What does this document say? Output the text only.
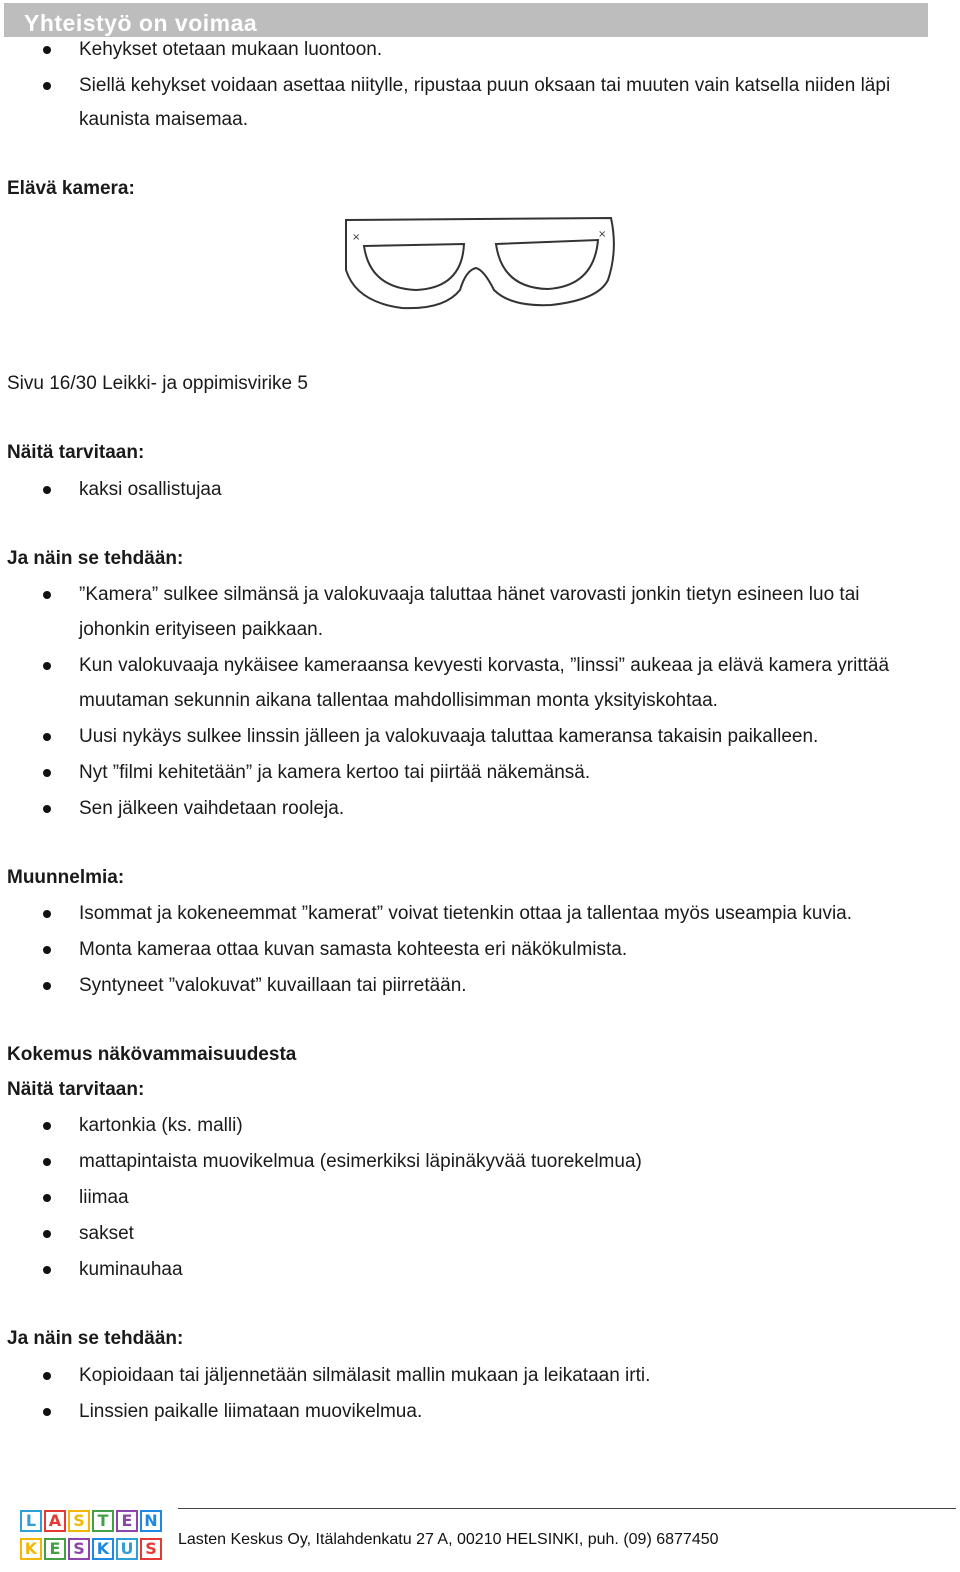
Yhteistyö on voimaa
Kehykset otetaan mukaan luontoon.
Siellä kehykset voidaan asettaa niitylle, ripustaa puun oksaan tai muuten vain katsella niiden läpi
kaunista maisemaa.
Elävä kamera:
×	×
Sivu 16/30 Leikki- ja oppimisvirike 5
Näitä tarvitaan:
kaksi osallistujaa
Ja näin se tehdään:
”Kamera” sulkee silmänsä ja valokuvaaja taluttaa hänet varovasti jonkin tietyn esineen luo tai
johonkin erityiseen paikkaan.
Kun valokuvaaja nykäisee kameraansa kevyesti korvasta, ”linssi” aukeaa ja elävä kamera yrittää
muutaman sekunnin aikana tallentaa mahdollisimman monta yksityiskohtaa.
Uusi nykäys sulkee linssin jälleen ja valokuvaaja taluttaa kameransa takaisin paikalleen.
Nyt ”filmi kehitetään” ja kamera kertoo tai piirtää näkemänsä.
Sen jälkeen vaihdetaan rooleja.
Muunnelmia:
Isommat ja kokeneemmat ”kamerat” voivat tietenkin ottaa ja tallentaa myös useampia kuvia.
Monta kameraa ottaa kuvan samasta kohteesta eri näkökulmista.
Syntyneet ”valokuvat” kuvaillaan tai piirretään.
Kokemus näkövammaisuudesta
Näitä tarvitaan:
kartonkia (ks. malli)
mattapintaista muovikelmua (esimerkiksi läpinäkyvää tuorekelmua)
liimaa
sakset
kuminauhaa
Ja näin se tehdään:
Kopioidaan tai jäljennetään silmälasit mallin mukaan ja leikataan irti.
Linssien paikalle liimataan muovikelmua.
L A S T E N
K E S K U S	Lasten Keskus Oy, Itälahdenkatu 27 A, 00210 HELSINKI, puh. (09) 6877450
